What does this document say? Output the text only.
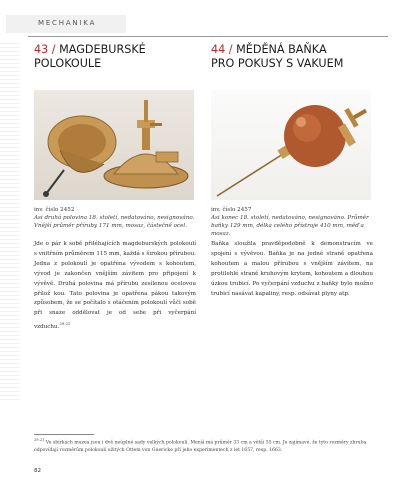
MECHANIKA
43 / MAGDEBURSKÉ
POLOKOULE
inv. číslo 2452
Asi druhá polovina 18. století, nedatováno, nesignováno. Vnější průměr příruby 171 mm, mosaz, částečně ocel.
Jde o pár k sobě přiléhajících magdeburských polokoulí s vnitřním průměrem 115 mm, každá s širokou přírubou. Jedna z polokoulí je opatřena vývodem s kohoutem, vývod je zakončen vnějším závitem pro připojení k vývěvě. Druhá polovina má přírubu zesílenou ocelovou přílož kou. Tato polovina je opatřena pákou takovým způsobem, že se počítalo s otáčením polokoulí vůči sobě při snaze oddělovat je od sebe při vyčerpání vzduchu.$^{29.21}$
44 / MĚDĚNÁ BAŇKA
PRO POKUSY S VAKUEM
inv. číslo 2457
Asi konec 18. století, nedatováno, nesignováno. Průměr baňky 129 mm, délka celého přístroje 410 mm, měď a mosaz.
Baňka sloužila pravděpodobně k demonstracím ve spojení s vývěvou. Baňka je na jedné straně opatřena kohoutem a malou přírubou s vnějším závitem, na protilehlé straně kruhovým krytem, kohoutem a dlouhou úzkou trubicí. Po vyčerpání vzduchu z baňky bylo možno trubicí nasávat kapaliny, resp. odsávat plyny atp.
$^{29.21}$ Ve sbírkách muzea jsou i dvě neúplné sady velkých polokoulí. Menší má průměr 33 cm a větší 55 cm. Je zajímavé, že tyto rozměry zhruba odpovídají rozměrům polokoulí užitých Ottem von Guericke při jeho experimentech z let 1657, resp. 1663.
82
